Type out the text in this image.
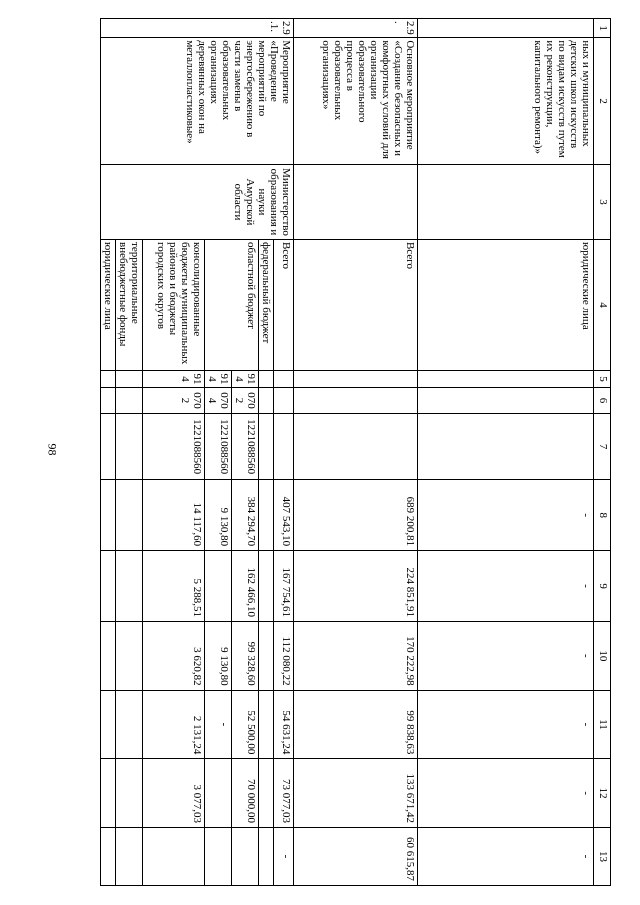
98
1	2	3	4	5	6	7	8	9	10	11	12	13
	ных и муниципальных детских школ искусств по видам искусств путем их реконструкции, капитального ремонта)»		юридические лица				-	-	-	-	-	-
2.9.	Основное мероприятие «Создание безопасных и комфортных условий для организации образовательного процесса в образовательных организациях»		Всего				689 200,81	224 851,91	170 222,98	99 838,63	133 671,42	60 615,87
2.9.1.	Мероприятие «Проведение мероприятий по энергосбережению в части замены в образовательных организациях деревянных окон на металлопластиковые»	Министерство образования и науки Амурской области	Всего				407 543,10	167 754,61	112 080,22	54 631,24	73 077,03	-
			федеральный бюджет									
			областной бюджет	914	0702	1221088560	384 294,70	162 466,10	99 328,60	52 500,00	70 000,00	
				914	0704	1221088560	9 130,80		9 130,80	-		
			консолидированные бюджеты муниципальных районов и бюджеты городских округов	914	0702	1221088560	14 117,60	5 288,51	3 620,82	2 131,24	3 077,03	
			территориальные внебюджетные фонды									
			юридические лица									
